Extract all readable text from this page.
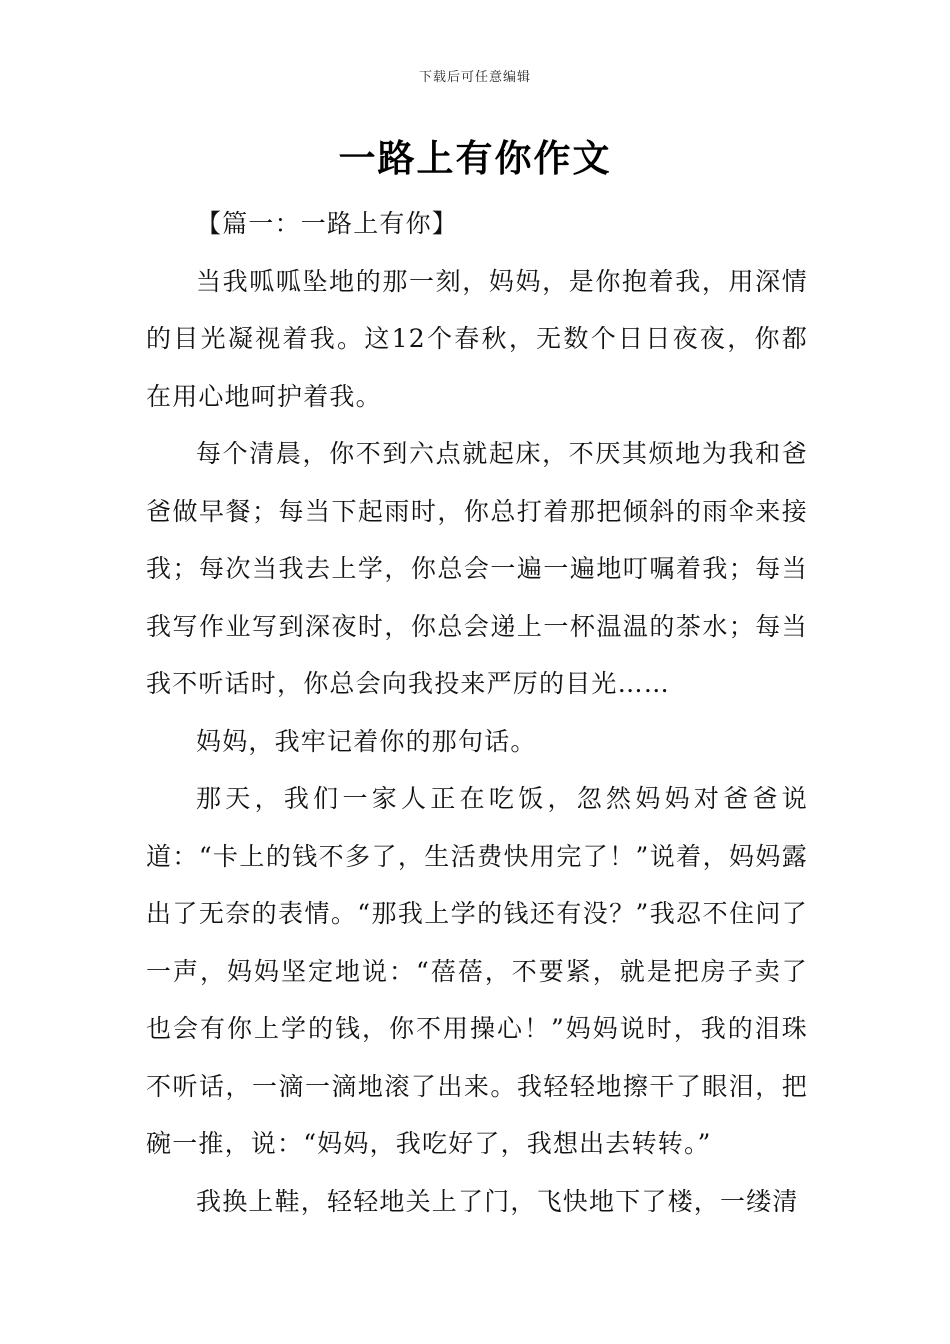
下载后可任意编辑
一路上有你作文

【篇一：一路上有你】

当我呱呱坠地的那一刻，妈妈，是你抱着我，用深情的目光凝视着我。这12个春秋，无数个日日夜夜，你都在用心地呵护着我。

每个清晨，你不到六点就起床，不厌其烦地为我和爸爸做早餐；每当下起雨时，你总打着那把倾斜的雨伞来接我；每次当我去上学，你总会一遍一遍地叮嘱着我；每当我写作业写到深夜时，你总会递上一杯温温的茶水；每当我不听话时，你总会向我投来严厉的目光……

妈妈，我牢记着你的那句话。

那天，我们一家人正在吃饭，忽然妈妈对爸爸说道：“卡上的钱不多了，生活费快用完了！”说着，妈妈露出了无奈的表情。“那我上学的钱还有没？”我忍不住问了一声，妈妈坚定地说：“蓓蓓，不要紧，就是把房子卖了也会有你上学的钱，你不用操心！”妈妈说时，我的泪珠不听话，一滴一滴地滚了出来。我轻轻地擦干了眼泪，把碗一推，说：“妈妈，我吃好了，我想出去转转。”

我换上鞋，轻轻地关上了门，飞快地下了楼，一缕清
